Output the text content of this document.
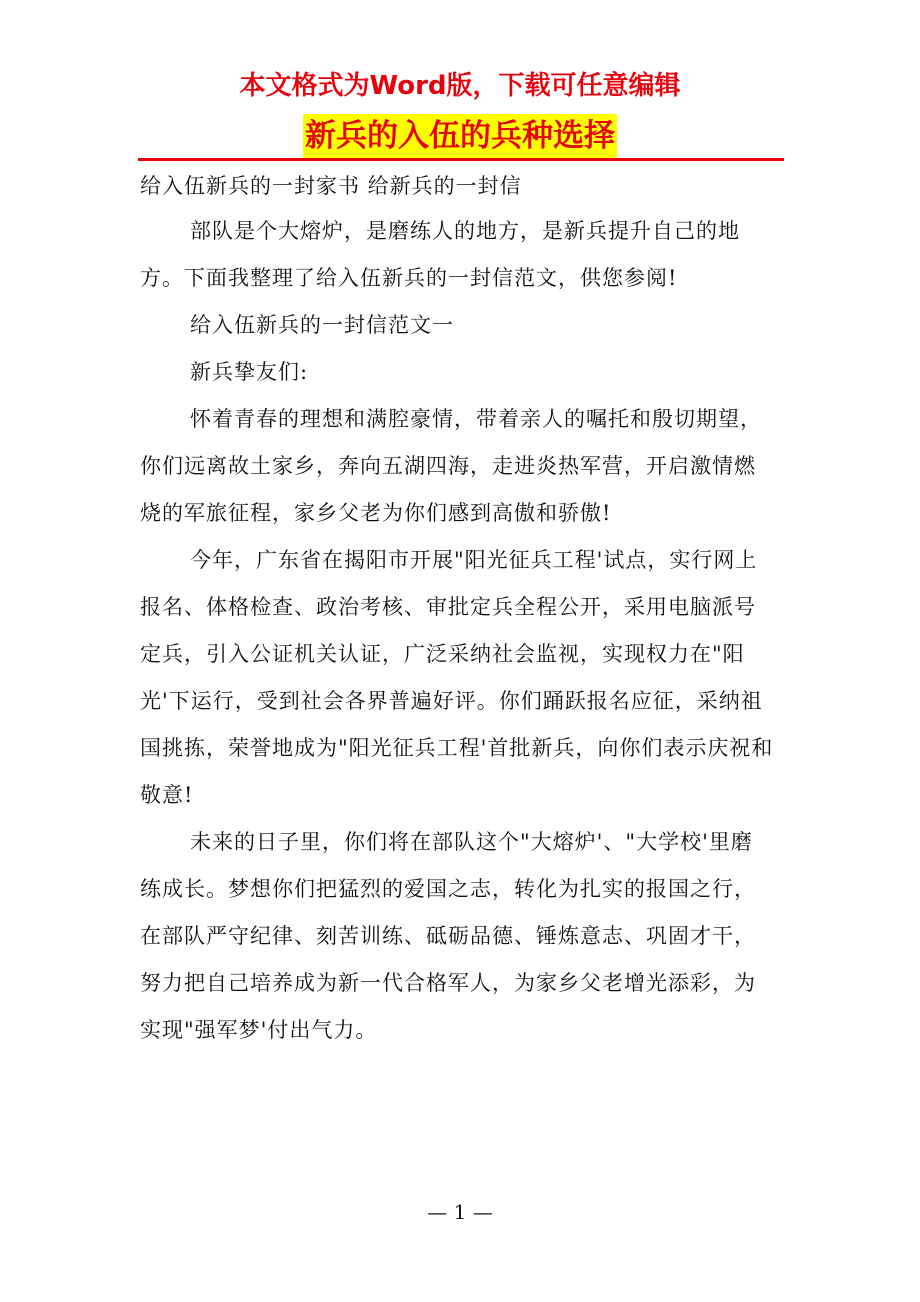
本文格式为Word版，下载可任意编辑
新兵的入伍的兵种选择

给入伍新兵的一封家书 给新兵的一封信

部队是个大熔炉，是磨练人的地方，是新兵提升自己的地方。下面我整理了给入伍新兵的一封信范文，供您参阅!

给入伍新兵的一封信范文一

新兵挚友们:

怀着青春的理想和满腔豪情，带着亲人的嘱托和殷切期望，你们远离故土家乡，奔向五湖四海，走进炎热军营，开启激情燃烧的军旅征程，家乡父老为你们感到高傲和骄傲!

今年，广东省在揭阳市开展"阳光征兵工程'试点，实行网上报名、体格检查、政治考核、审批定兵全程公开，采用电脑派号定兵，引入公证机关认证，广泛采纳社会监视，实现权力在"阳光'下运行，受到社会各界普遍好评。你们踊跃报名应征，采纳祖国挑拣，荣誉地成为"阳光征兵工程'首批新兵，向你们表示庆祝和敬意!

未来的日子里，你们将在部队这个"大熔炉'、"大学校'里磨练成长。梦想你们把猛烈的爱国之志，转化为扎实的报国之行，在部队严守纪律、刻苦训练、砥砺品德、锤炼意志、巩固才干，努力把自己培养成为新一代合格军人，为家乡父老增光添彩，为实现"强军梦'付出气力。

— 1 —
